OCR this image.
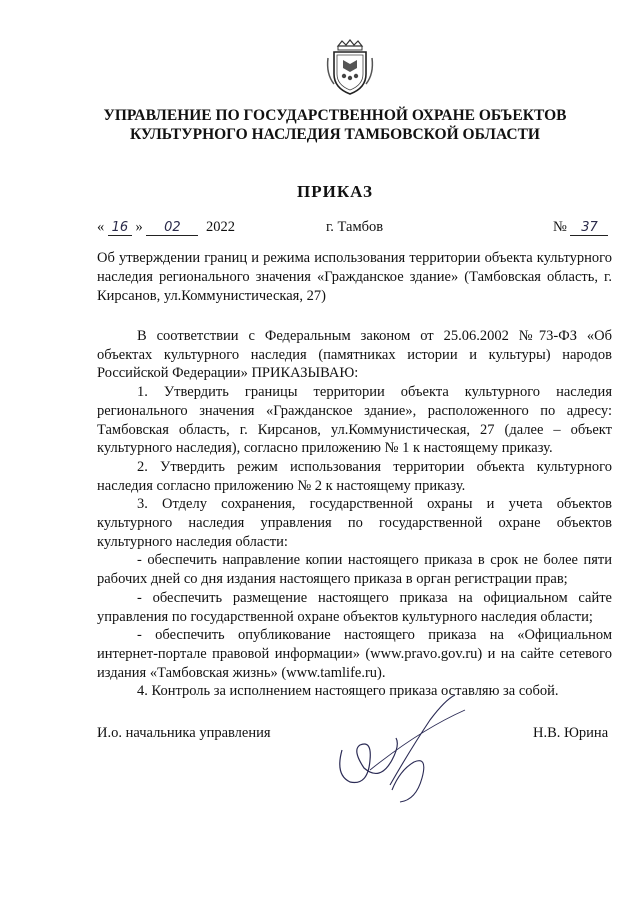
УПРАВЛЕНИЕ ПО ГОСУДАРСТВЕННОЙ ОХРАНЕ ОБЪЕКТОВ
КУЛЬТУРНОГО НАСЛЕДИЯ ТАМБОВСКОЙ ОБЛАСТИ
ПРИКАЗ
« 16 » 02 2022	г. Тамбов	№ 37

Об утверждении границ и режима использования территории объекта культурного наследия регионального значения «Гражданское здание» (Тамбовская область, г. Кирсанов, ул.Коммунистическая, 27)

В соответствии с Федеральным законом от 25.06.2002 №73-ФЗ «Об объектах культурного наследия (памятниках истории и культуры) народов Российской Федерации» ПРИКАЗЫВАЮ:

1. Утвердить границы территории объекта культурного наследия регионального значения «Гражданское здание», расположенного по адресу: Тамбовская область, г. Кирсанов, ул.Коммунистическая, 27 (далее – объект культурного наследия), согласно приложению № 1 к настоящему приказу.

2. Утвердить режим использования территории объекта культурного наследия согласно приложению № 2 к настоящему приказу.

3. Отделу сохранения, государственной охраны и учета объектов культурного наследия управления по государственной охране объектов культурного наследия области:

- обеспечить направление копии настоящего приказа в срок не более пяти рабочих дней со дня издания настоящего приказа в орган регистрации прав;

- обеспечить размещение настоящего приказа на официальном сайте управления по государственной охране объектов культурного наследия области;

- обеспечить опубликование настоящего приказа на «Официальном интернет-портале правовой информации» (www.pravo.gov.ru) и на сайте сетевого издания «Тамбовская жизнь» (www.tamlife.ru).

4. Контроль за исполнением настоящего приказа оставляю за собой.

И.о. начальника управления	Н.В. Юрина
